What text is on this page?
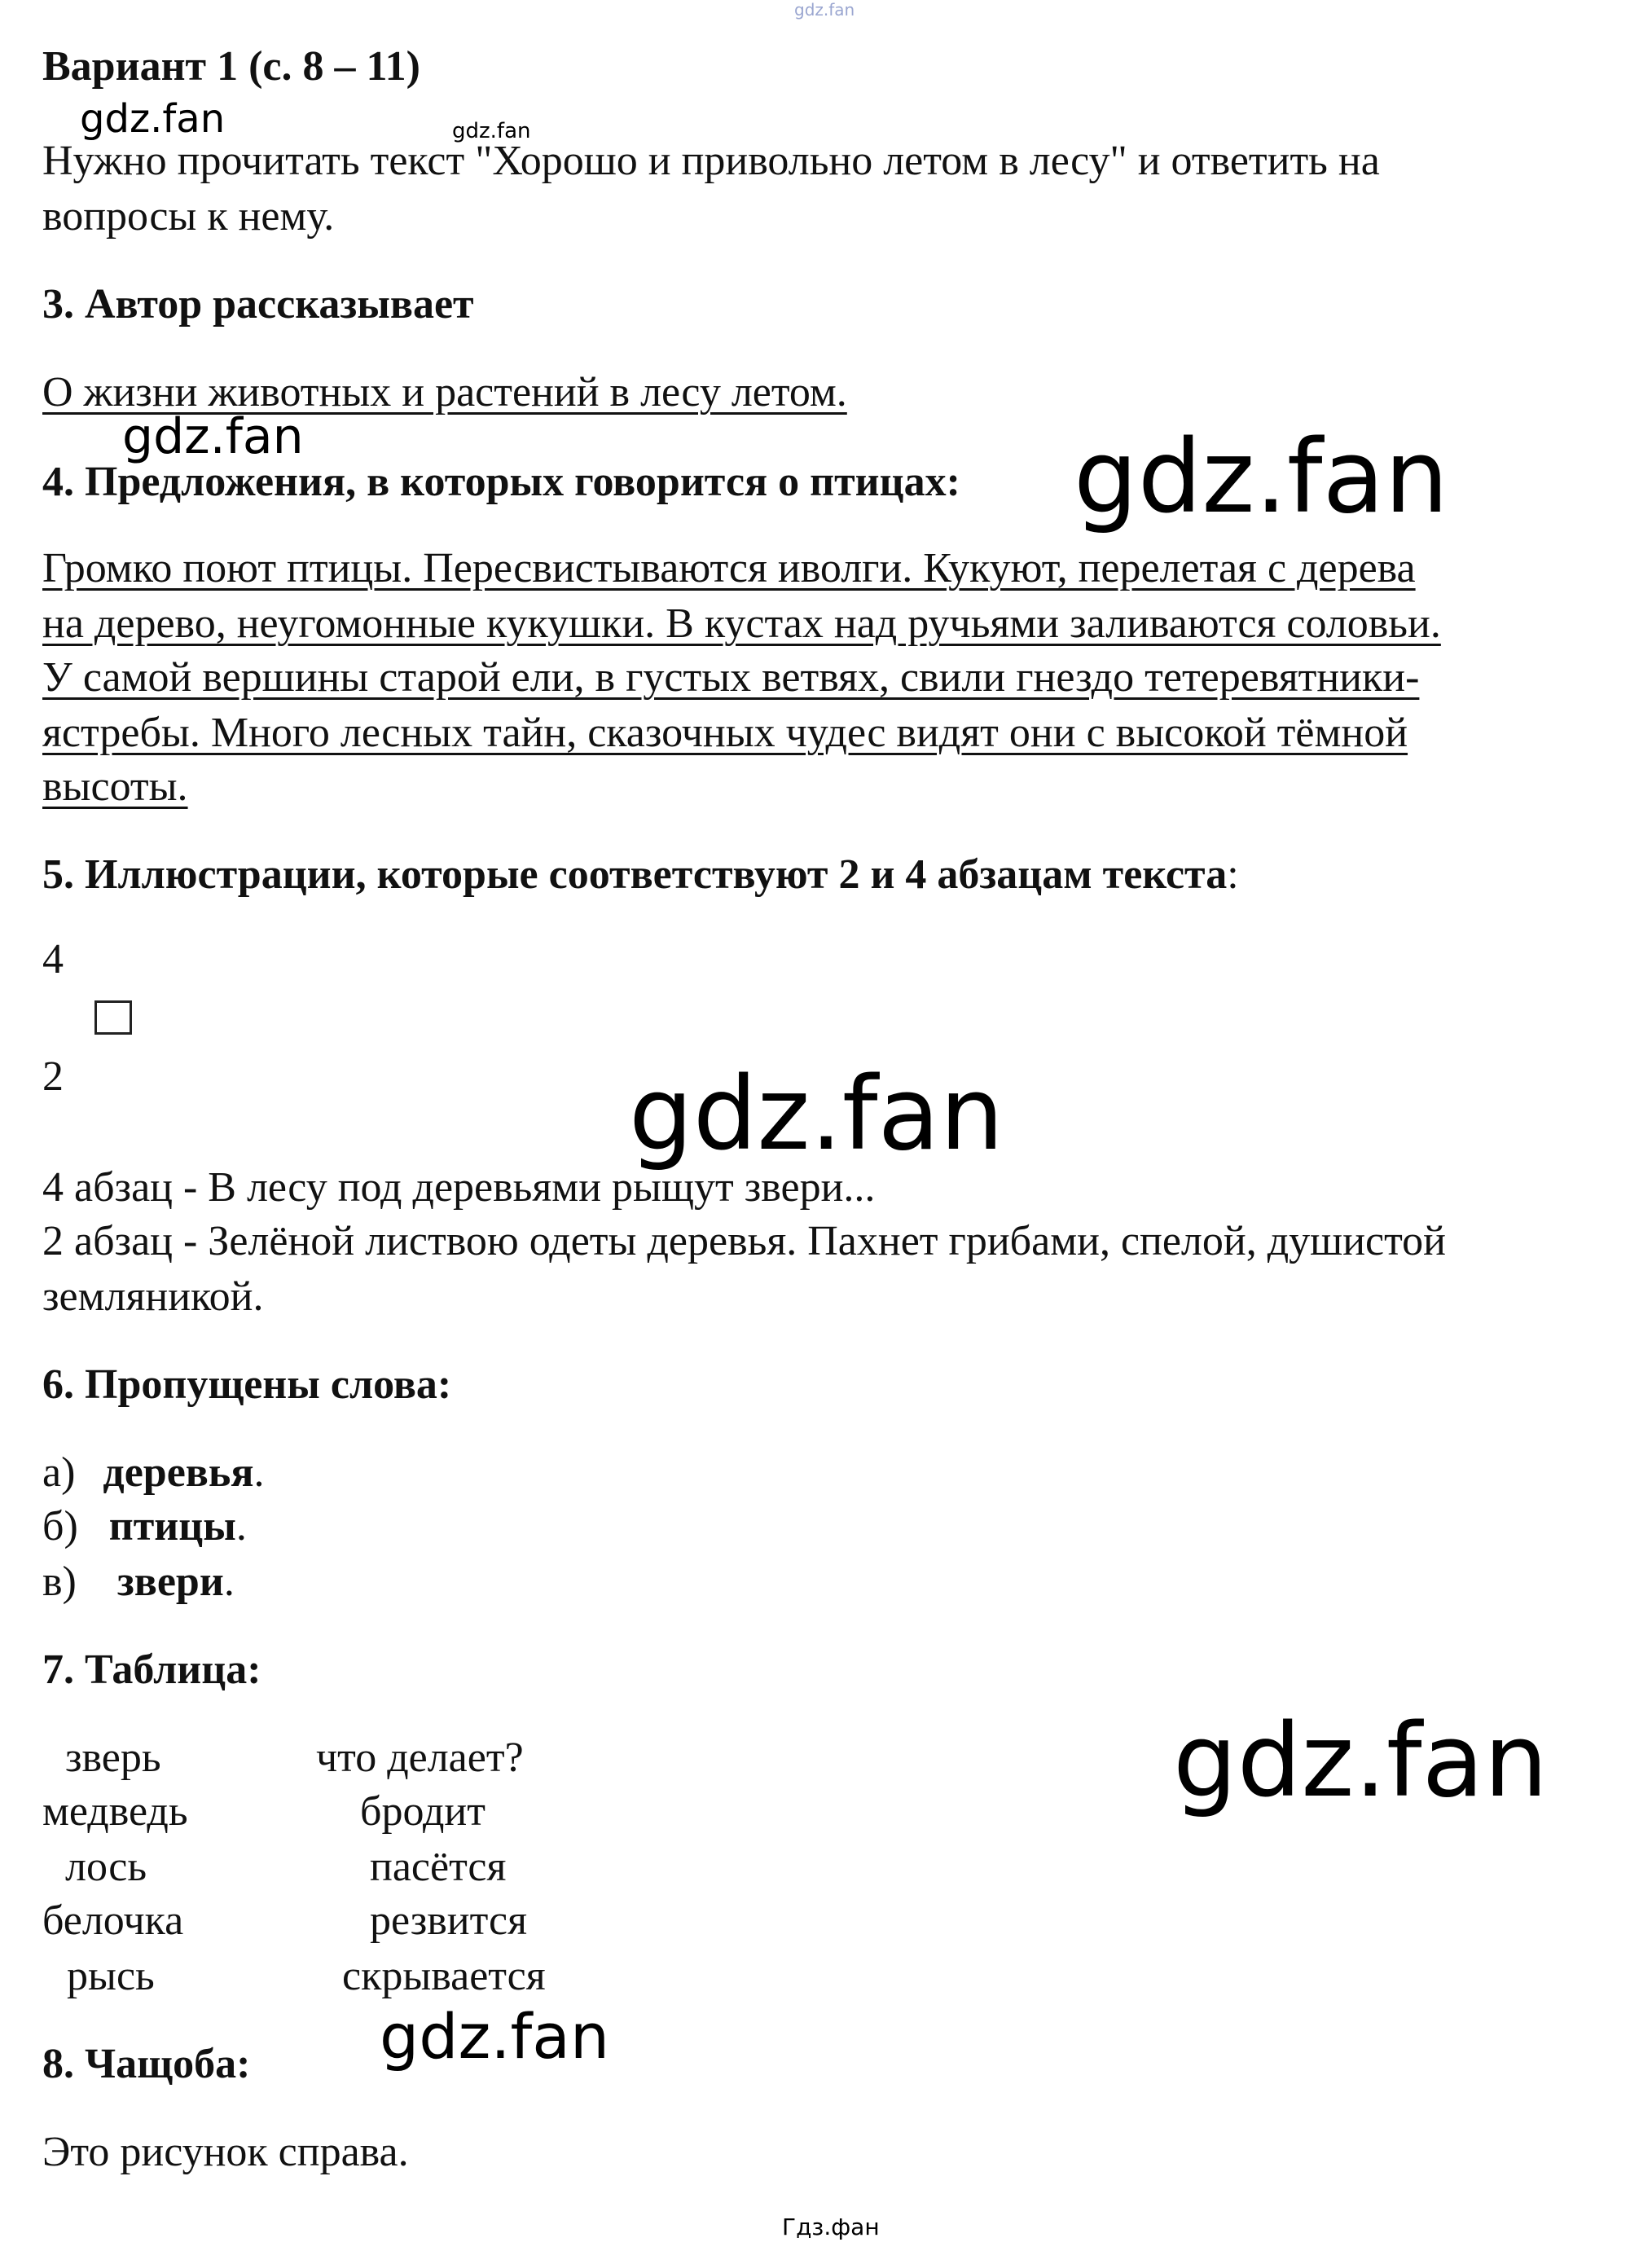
gdz.fan
gdz.fan	gdz.fan
gdz.fan	gdz.fan
gdz.fan
gdz.fan
gdz.fan
Гдз.фан
Вариант 1 (с. 8 – 11)
Нужно прочитать текст "Хорошо и привольно летом в лесу" и ответить на
вопросы к нему.
3. Автор рассказывает
О жизни животных и растений в лесу летом.
4. Предложения, в которых говорится о птицах:
Громко поют птицы. Пересвистываются иволги. Кукуют, перелетая с дерева
на дерево, неугомонные кукушки. В кустах над ручьями заливаются соловьи.
У самой вершины старой ели, в густых ветвях, свили гнездо тетеревятники-
ястребы. Много лесных тайн, сказочных чудес видят они с высокой тёмной
высоты.
5. Иллюстрации, которые соответствуют 2 и 4 абзацам текста:
4
2
4 абзац - В лесу под деревьями рыщут звери...
2 абзац - Зелёной листвою одеты деревья. Пахнет грибами, спелой, душистой
земляникой.
6. Пропущены слова:
а) деревья.
б) птицы.
в) звери.
7. Таблица:
зверь	что делает?
медведь	бродит
лось	пасётся
белочка	резвится
рысь	скрывается
8. Чащоба:
Это рисунок справа.
